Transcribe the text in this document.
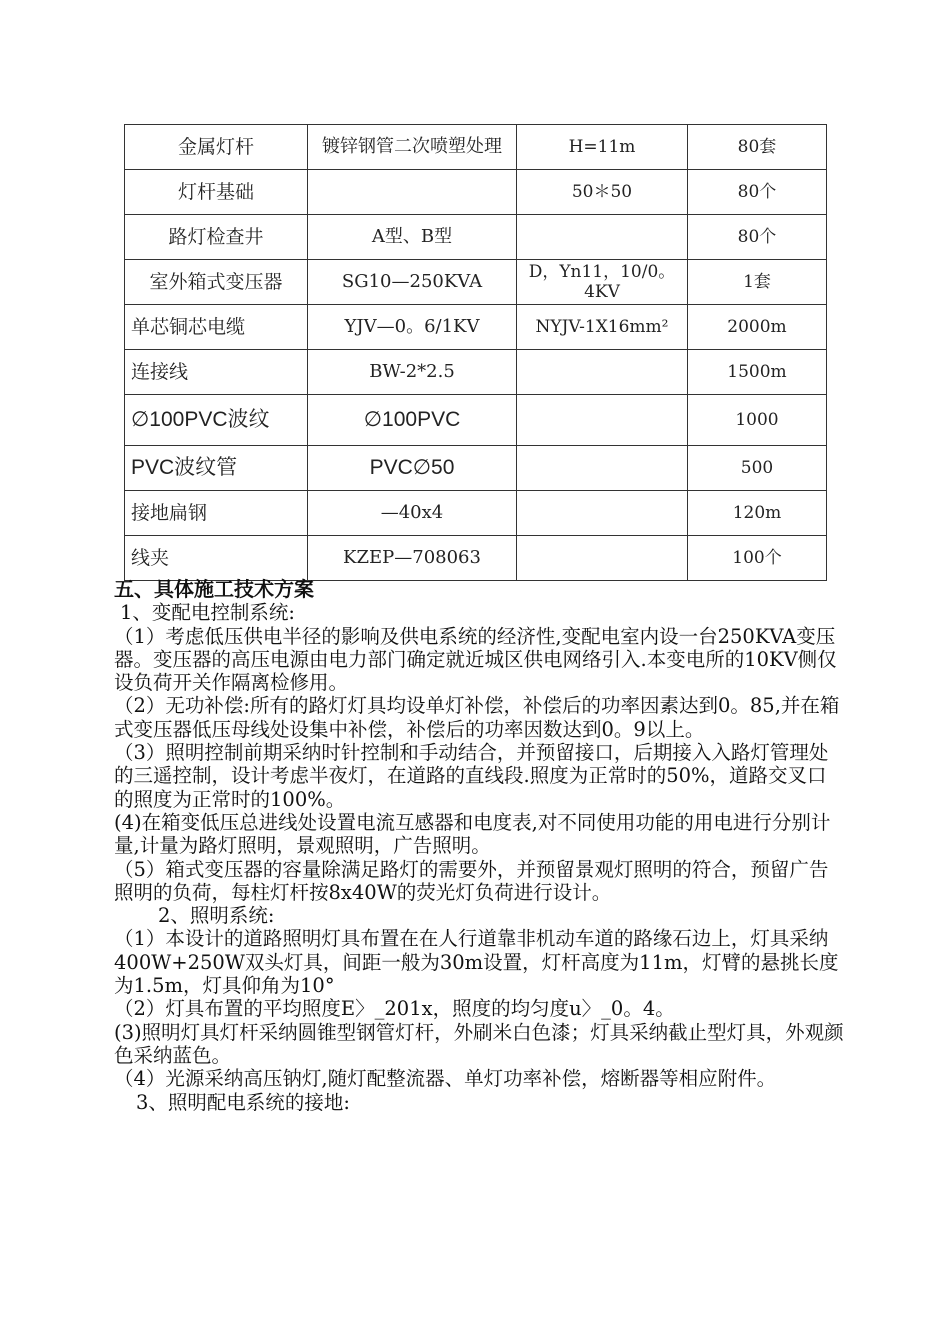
金属灯杆	镀锌钢管二次喷塑处理	H=11m	80套
灯杆基础		50＊50	80个
路灯检查井	A型、B型		80个
室外箱式变压器	SG10—250KVA	D，Yn11，10/0。4KV	1套
单芯铜芯电缆	YJV—0。6/1KV	NYJV-1X16mm²	2000m
连接线	BW-2*2.5		1500m
∅100PVC波纹	∅100PVC		1000
PVC波纹管	PVC∅50		500
接地扁钢	—40x4		120m
线夹	KZEP—708063		100个

五、具体施工技术方案

1、变配电控制系统:

（1）考虑低压供电半径的影响及供电系统的经济性,变配电室内设一台250KVA变压器。变压器的高压电源由电力部门确定就近城区供电网络引入.本变电所的10KV侧仅设负荷开关作隔离检修用。

（2）无功补偿:所有的路灯灯具均设单灯补偿，补偿后的功率因素达到0。85,并在箱式变压器低压母线处设集中补偿，补偿后的功率因数达到0。9以上。

（3）照明控制前期采纳时针控制和手动结合，并预留接口，后期接入入路灯管理处的三遥控制，设计考虑半夜灯，在道路的直线段.照度为正常时的50%，道路交叉口的照度为正常时的100%。

(4)在箱变低压总进线处设置电流互感器和电度表,对不同使用功能的用电进行分别计量,计量为路灯照明，景观照明，广告照明。

（5）箱式变压器的容量除满足路灯的需要外，并预留景观灯照明的符合，预留广告照明的负荷，每柱灯杆按8x40W的荧光灯负荷进行设计。

2、照明系统:

（1）本设计的道路照明灯具布置在在人行道靠非机动车道的路缘石边上，灯具采纳400W+250W双头灯具，间距一般为30m设置，灯杆高度为11m，灯臂的悬挑长度为1.5m，灯具仰角为10°

（2）灯具布置的平均照度E〉_201x，照度的均匀度u〉_0。4。

(3)照明灯具灯杆采纳圆锥型钢管灯杆，外刷米白色漆；灯具采纳截止型灯具，外观颜色采纳蓝色。

（4）光源采纳高压钠灯,随灯配整流器、单灯功率补偿，熔断器等相应附件。

3、照明配电系统的接地:
